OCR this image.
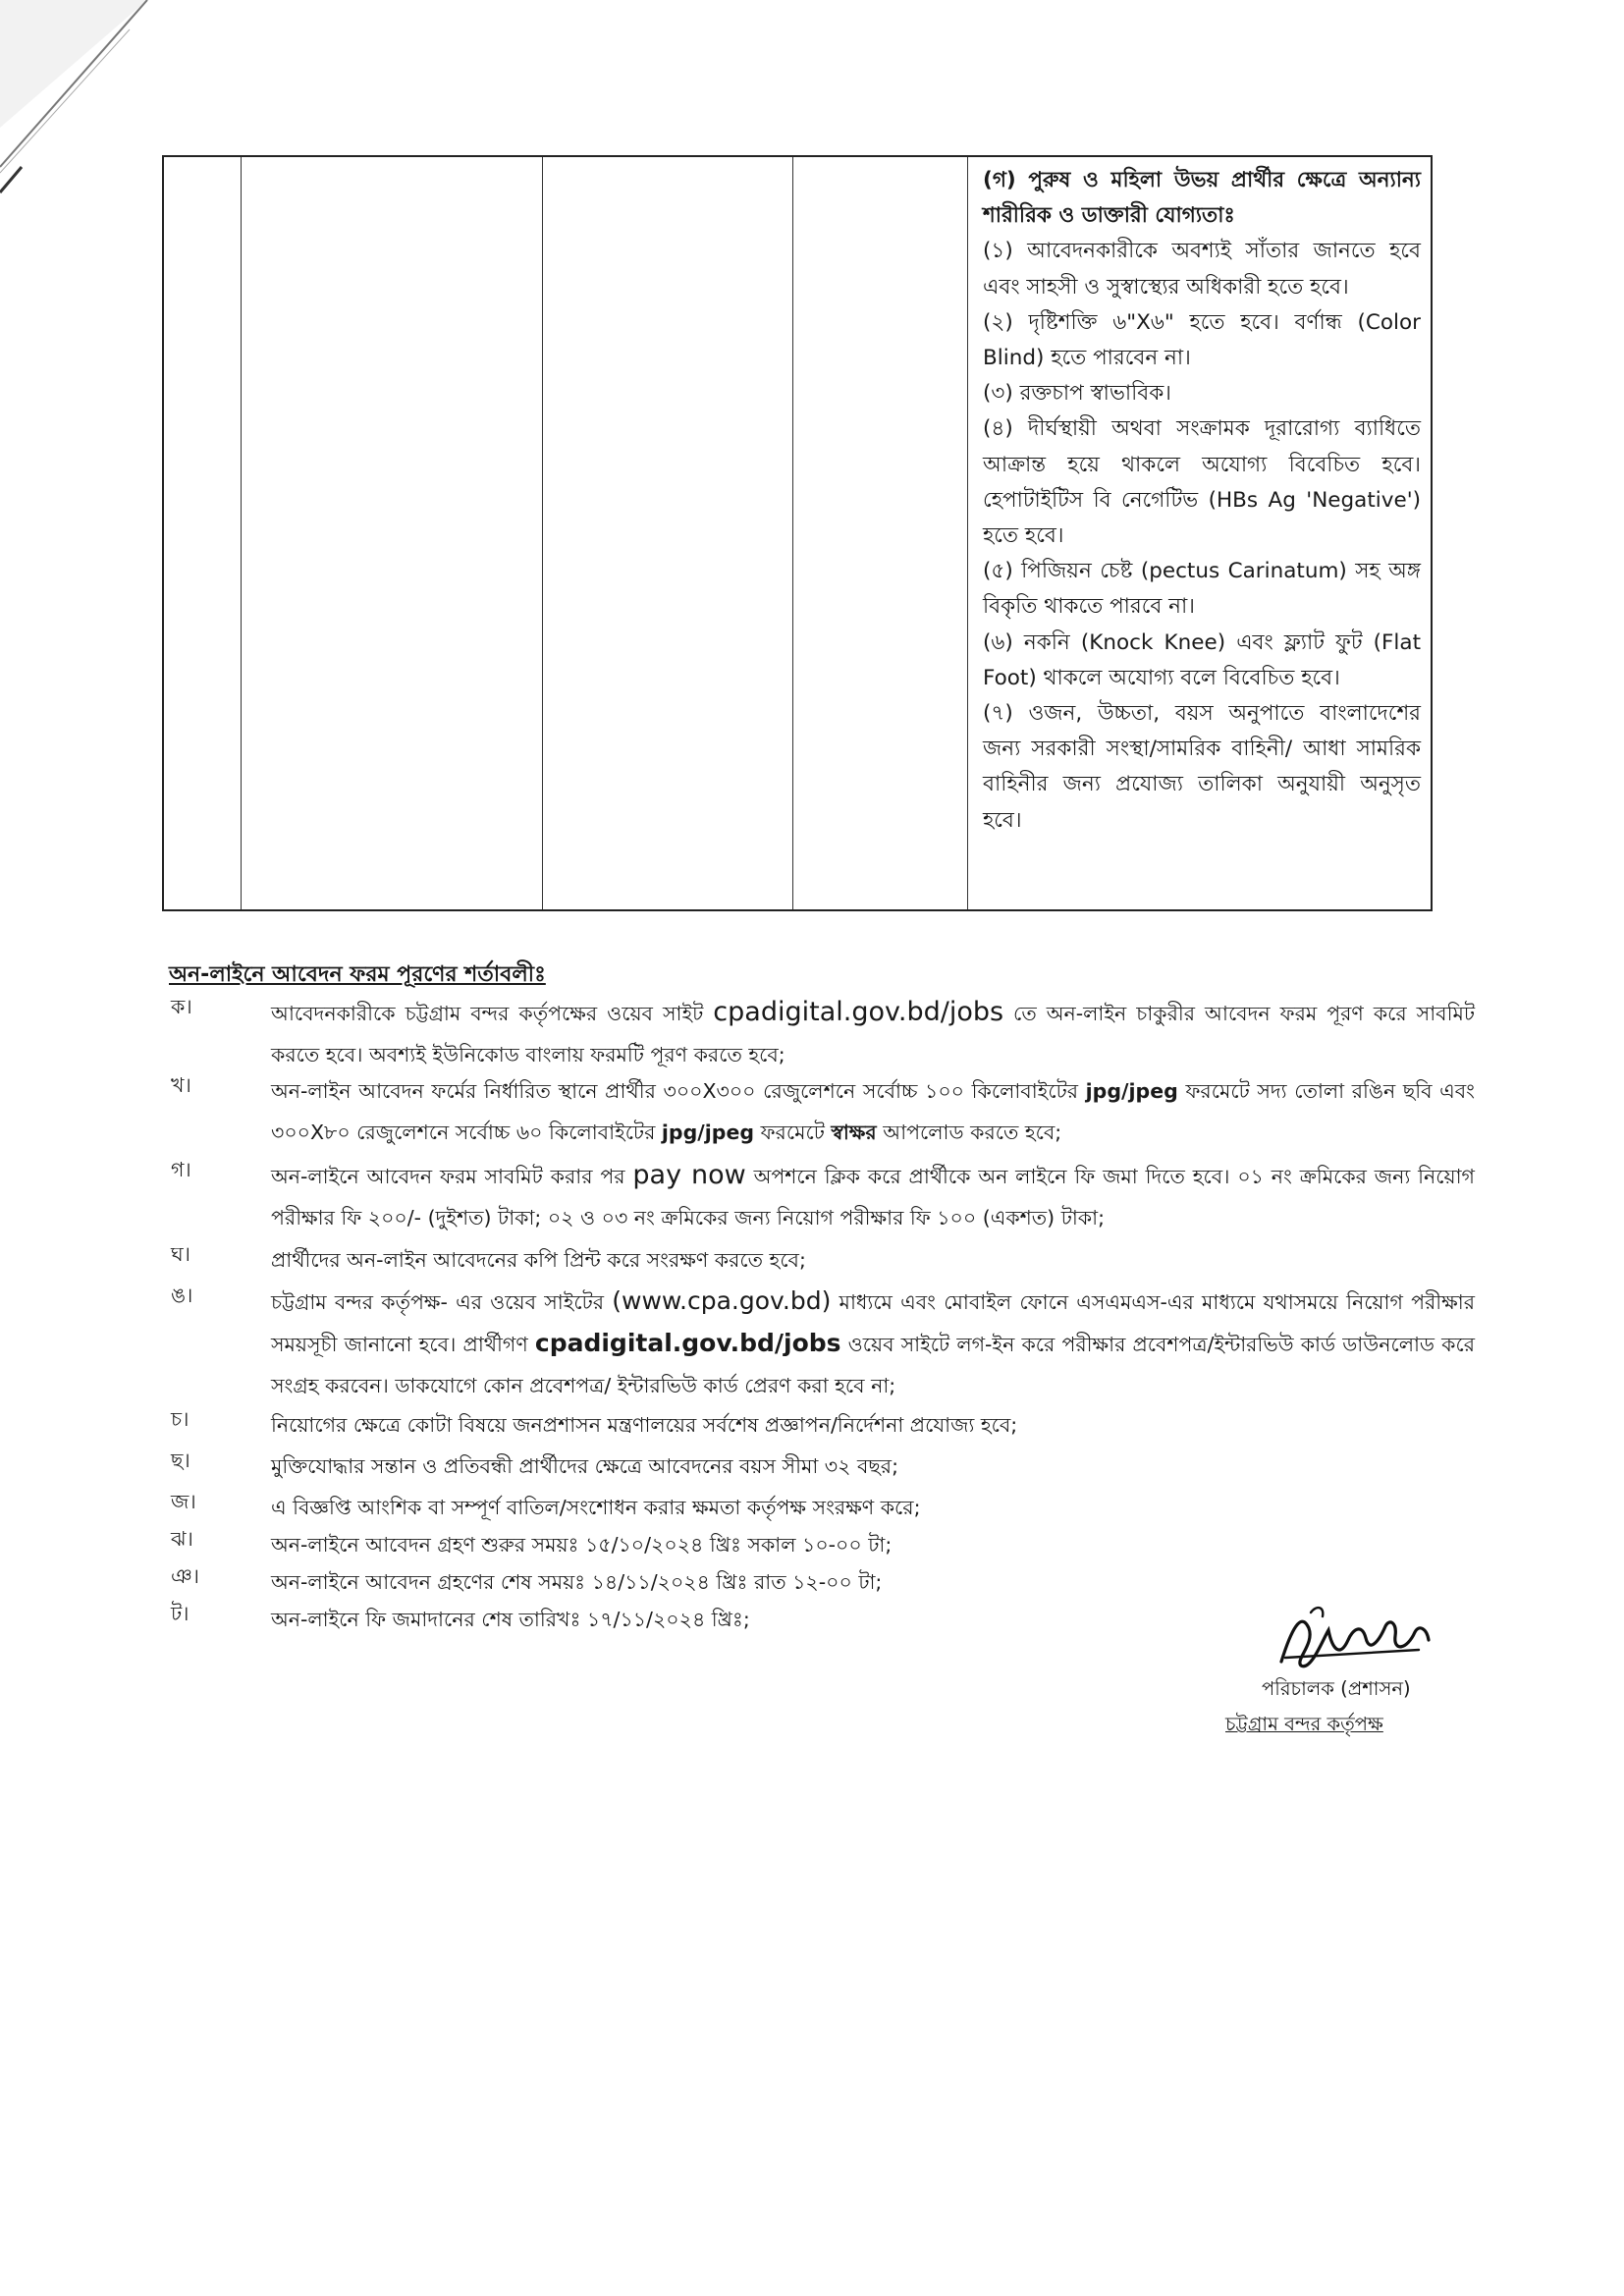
(গ) পুরুষ ও মহিলা উভয় প্রার্থীর ক্ষেত্রে অন্যান্য শারীরিক ও ডাক্তারী যোগ্যতাঃ

(১) আবেদনকারীকে অবশ্যই সাঁতার জানতে হবে এবং সাহসী ও সুস্বাস্থ্যের অধিকারী হতে হবে।

(২) দৃষ্টিশক্তি ৬"X৬" হতে হবে। বর্ণান্ধ (Color Blind) হতে পারবেন না।

(৩) রক্তচাপ স্বাভাবিক।

(৪) দীর্ঘস্থায়ী অথবা সংক্রামক দূরারোগ্য ব্যাধিতে আক্রান্ত হয়ে থাকলে অযোগ্য বিবেচিত হবে। হেপাটাইটিস বি নেগেটিভ (HBs Ag 'Negative') হতে হবে।

(৫) পিজিয়ন চেষ্ট (pectus Carinatum) সহ অঙ্গ বিকৃতি থাকতে পারবে না।

(৬) নকনি (Knock Knee) এবং ফ্ল্যাট ফুট (Flat Foot) থাকলে অযোগ্য বলে বিবেচিত হবে।

(৭) ওজন, উচ্চতা, বয়স অনুপাতে বাংলাদেশের জন্য সরকারী সংস্থা/সামরিক বাহিনী/ আধা সামরিক বাহিনীর জন্য প্রযোজ্য তালিকা অনুযায়ী অনুসৃত হবে।

অন-লাইনে আবেদন ফরম পূরণের শর্তাবলীঃ
ক।	আবেদনকারীকে চট্টগ্রাম বন্দর কর্তৃপক্ষের ওয়েব সাইট cpadigital.gov.bd/jobs তে অন-লাইন চাকুরীর আবেদন ফরম পূরণ করে সাবমিট করতে হবে। অবশ্যই ইউনিকোড বাংলায় ফরমটি পূরণ করতে হবে;
খ।	অন-লাইন আবেদন ফর্মের নির্ধারিত স্থানে প্রার্থীর ৩০০X৩০০ রেজুলেশনে সর্বোচ্চ ১০০ কিলোবাইটের jpg/jpeg ফরমেটে সদ্য তোলা রঙিন ছবি এবং ৩০০X৮০ রেজুলেশনে সর্বোচ্চ ৬০ কিলোবাইটের jpg/jpeg ফরমেটে স্বাক্ষর আপলোড করতে হবে;
গ।	অন-লাইনে আবেদন ফরম সাবমিট করার পর pay now অপশনে ক্লিক করে প্রার্থীকে অন লাইনে ফি জমা দিতে হবে। ০১ নং ক্রমিকের জন্য নিয়োগ পরীক্ষার ফি ২০০/- (দুইশত) টাকা; ০২ ও ০৩ নং ক্রমিকের জন্য নিয়োগ পরীক্ষার ফি ১০০ (একশত) টাকা;
ঘ।	প্রার্থীদের অন-লাইন আবেদনের কপি প্রিন্ট করে সংরক্ষণ করতে হবে;
ঙ।	চট্টগ্রাম বন্দর কর্তৃপক্ষ- এর ওয়েব সাইটের (www.cpa.gov.bd) মাধ্যমে এবং মোবাইল ফোনে এসএমএস-এর মাধ্যমে যথাসময়ে নিয়োগ পরীক্ষার সময়সূচী জানানো হবে। প্রার্থীগণ cpadigital.gov.bd/jobs ওয়েব সাইটে লগ-ইন করে পরীক্ষার প্রবেশপত্র/ইন্টারভিউ কার্ড ডাউনলোড করে সংগ্রহ করবেন। ডাকযোগে কোন প্রবেশপত্র/ ইন্টারভিউ কার্ড প্রেরণ করা হবে না;
চ।	নিয়োগের ক্ষেত্রে কোটা বিষয়ে জনপ্রশাসন মন্ত্রণালয়ের সর্বশেষ প্রজ্ঞাপন/নির্দেশনা প্রযোজ্য হবে;
ছ।	মুক্তিযোদ্ধার সন্তান ও প্রতিবন্ধী প্রার্থীদের ক্ষেত্রে আবেদনের বয়স সীমা ৩২ বছর;
জ।	এ বিজ্ঞপ্তি আংশিক বা সম্পূর্ণ বাতিল/সংশোধন করার ক্ষমতা কর্তৃপক্ষ সংরক্ষণ করে;
ঝ।	অন-লাইনে আবেদন গ্রহণ শুরুর সময়ঃ ১৫/১০/২০২৪ খ্রিঃ সকাল ১০-০০ টা;
ঞ।	অন-লাইনে আবেদন গ্রহণের শেষ সময়ঃ ১৪/১১/২০২৪ খ্রিঃ রাত ১২-০০ টা;
ট।	অন-লাইনে ফি জমাদানের শেষ তারিখঃ ১৭/১১/২০২৪ খ্রিঃ;
পরিচালক (প্রশাসন)
চট্টগ্রাম বন্দর কর্তৃপক্ষ
